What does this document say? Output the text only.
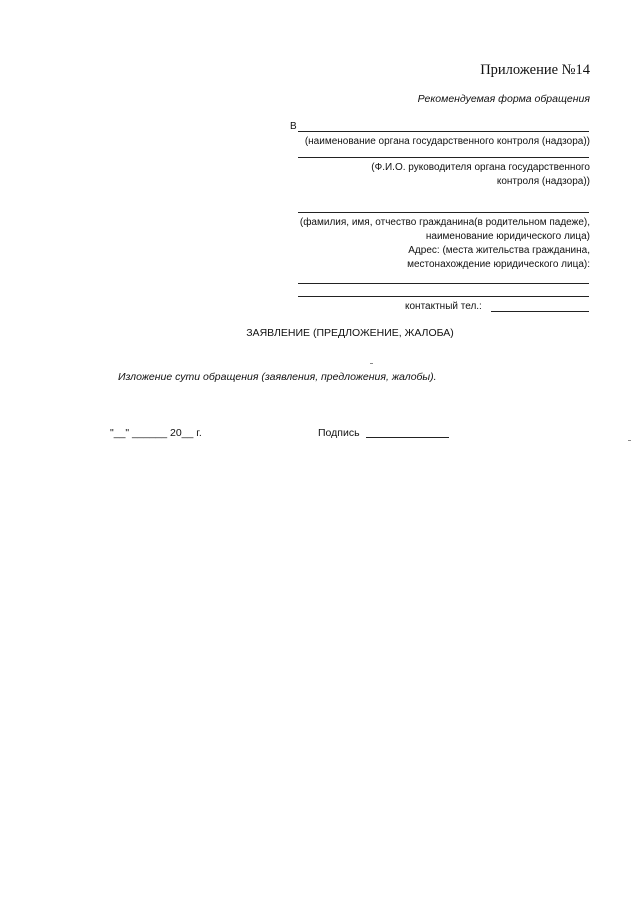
Приложение №14
Рекомендуемая форма обращения
В
(наименование органа государственного контроля (надзора))
(Ф.И.О. руководителя органа государственного
контроля (надзора))
(фамилия, имя, отчество гражданина(в родительном падеже),
наименование юридического лица)
Адрес: (места жительства гражданина,
местонахождение юридического лица):
контактный тел.:
ЗАЯВЛЕНИЕ (ПРЕДЛОЖЕНИЕ, ЖАЛОБА)
Изложение сути обращения (заявления, предложения, жалобы).
"__" ______ 20__ г.	Подпись
